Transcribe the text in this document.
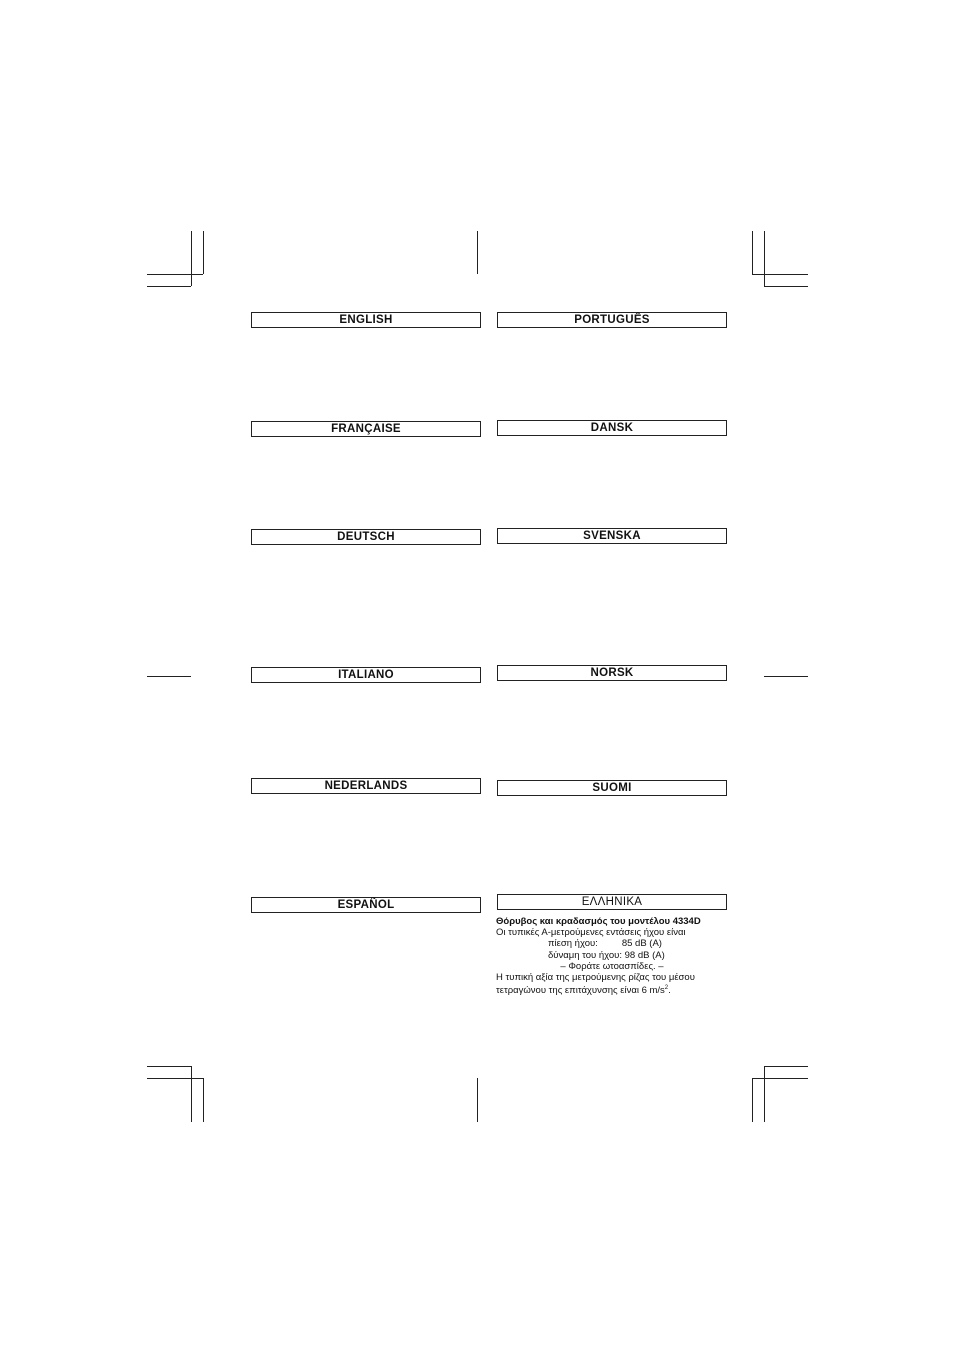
ENGLISH
FRANÇAISE
DEUTSCH
ITALIANO
NEDERLANDS
ESPAÑOL
PORTUGUÊS
DANSK
SVENSKA
NORSK
SUOMI
ΕΛΛΗΝΙΚΑ
Θόρυβος και κραδασμός του μοντέλου 4334D
Οι τυπικές Α-μετρούμενες εντάσεις ήχου είναι
πίεση ήχου:	85 dB (A)
δύναμη του ήχου: 98 dB (A)
– Φοράτε ωτοασπίδες. –
Η τυπική αξία της μετρούμενης ρίζας του μέσου
τετραγώνου της επιτάχυνσης είναι 6 $m/s^2$.
